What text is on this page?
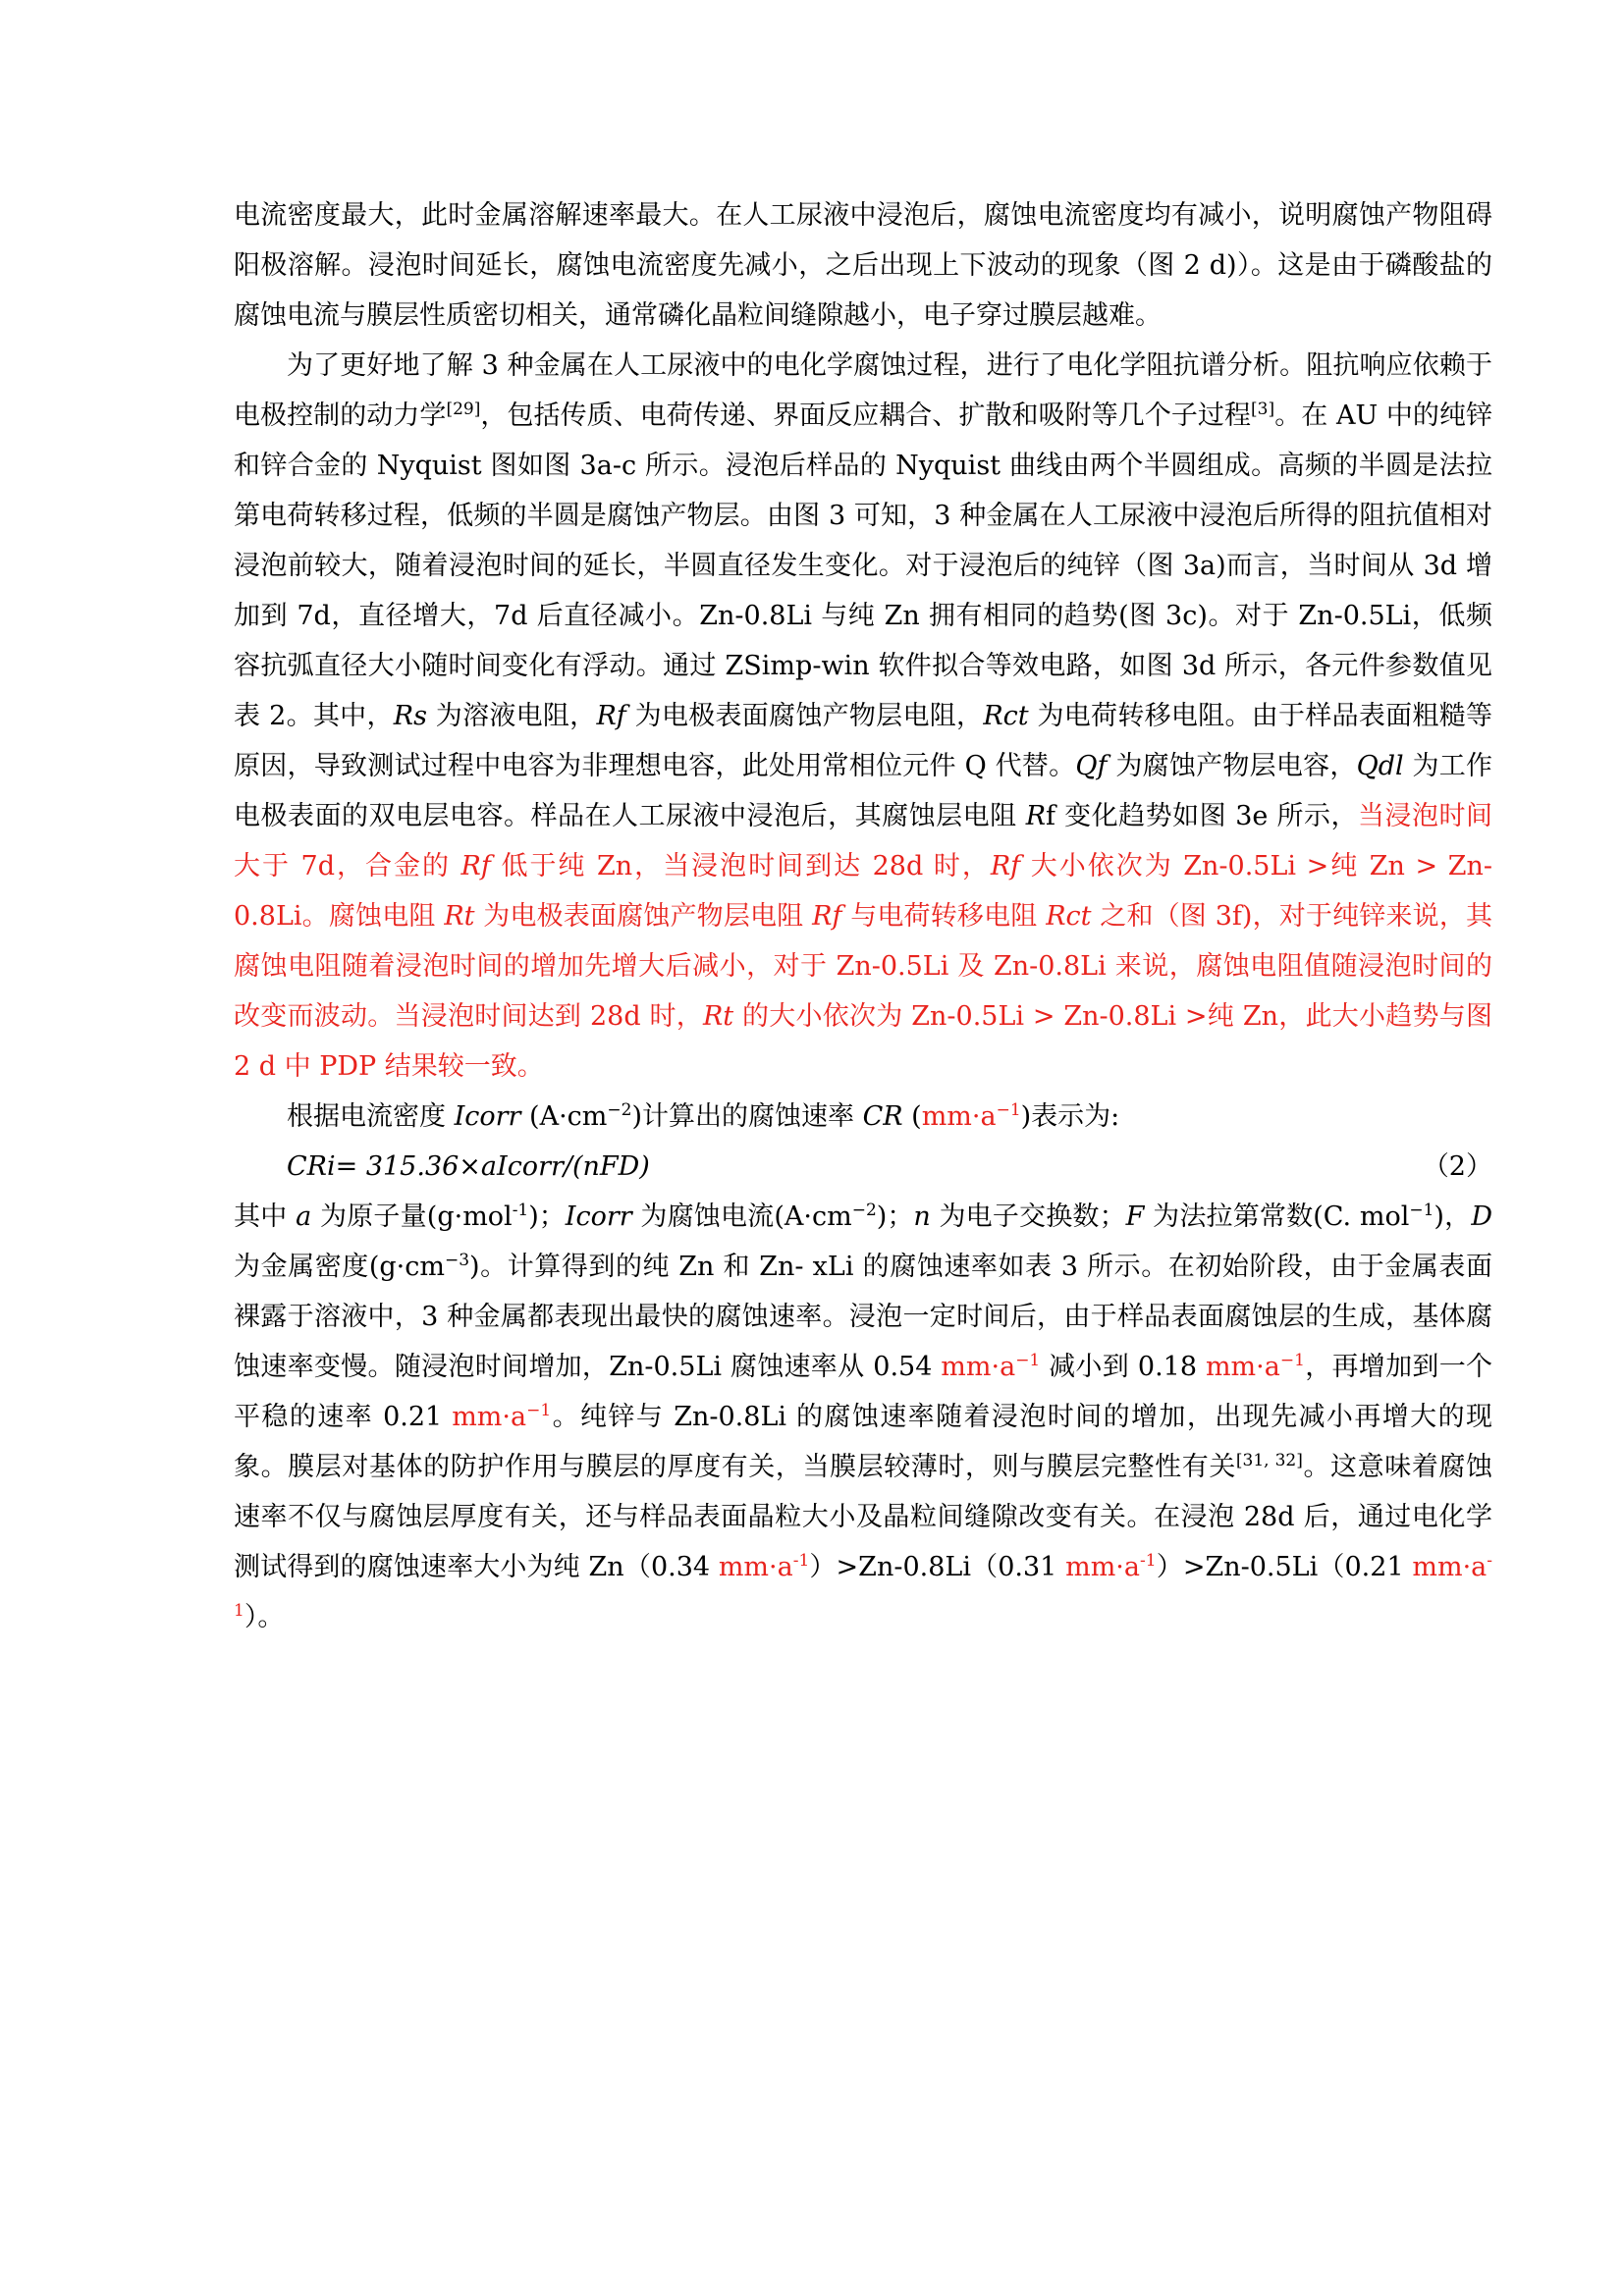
电流密度最大，此时金属溶解速率最大。在人工尿液中浸泡后，腐蚀电流密度均有减小，说明腐蚀产物阻碍阳极溶解。浸泡时间延长，腐蚀电流密度先减小，之后出现上下波动的现象（图 2 d)）。这是由于磷酸盐的腐蚀电流与膜层性质密切相关，通常磷化晶粒间缝隙越小，电子穿过膜层越难。

为了更好地了解 3 种金属在人工尿液中的电化学腐蚀过程，进行了电化学阻抗谱分析。阻抗响应依赖于电极控制的动力学[29]，包括传质、电荷传递、界面反应耦合、扩散和吸附等几个子过程[3]。在 AU 中的纯锌和锌合金的 Nyquist 图如图 3a-c 所示。浸泡后样品的 Nyquist 曲线由两个半圆组成。高频的半圆是法拉第电荷转移过程，低频的半圆是腐蚀产物层。由图 3 可知，3 种金属在人工尿液中浸泡后所得的阻抗值相对浸泡前较大，随着浸泡时间的延长，半圆直径发生变化。对于浸泡后的纯锌（图 3a)而言，当时间从 3d 增加到 7d，直径增大，7d 后直径减小。Zn-0.8Li 与纯 Zn 拥有相同的趋势(图 3c)。对于 Zn-0.5Li，低频容抗弧直径大小随时间变化有浮动。通过 ZSimp-win 软件拟合等效电路，如图 3d 所示，各元件参数值见表 2。其中，Rs 为溶液电阻，Rf 为电极表面腐蚀产物层电阻，Rct 为电荷转移电阻。由于样品表面粗糙等原因，导致测试过程中电容为非理想电容，此处用常相位元件 Q 代替。Qf 为腐蚀产物层电容，Qdl 为工作电极表面的双电层电容。样品在人工尿液中浸泡后，其腐蚀层电阻 Rf 变化趋势如图 3e 所示，当浸泡时间大于 7d，合金的 Rf 低于纯 Zn，当浸泡时间到达 28d 时，Rf 大小依次为 Zn-0.5Li >纯 Zn > Zn-0.8Li。腐蚀电阻 Rt 为电极表面腐蚀产物层电阻 Rf 与电荷转移电阻 Rct 之和（图 3f)，对于纯锌来说，其腐蚀电阻随着浸泡时间的增加先增大后减小，对于 Zn-0.5Li 及 Zn-0.8Li 来说，腐蚀电阻值随浸泡时间的改变而波动。当浸泡时间达到 28d 时，Rt 的大小依次为 Zn-0.5Li > Zn-0.8Li >纯 Zn，此大小趋势与图 2 d 中 PDP 结果较一致。

根据电流密度 Icorr $(A\cdot cm^{-2})$计算出的腐蚀速率 CR $(mm\cdot a^{-1})$表示为:

CRi= 315.36×aIcorr/(nFD)	（2）

其中 a 为原子量(g·mol$^{-1}$)；Icorr 为腐蚀电流$(A\cdot cm^{-2})$；n 为电子交换数；F 为法拉第常数(C. mol$^{-1}$)，D 为金属密度$(g\cdot cm^{-3})$。计算得到的纯 Zn 和 Zn- xLi 的腐蚀速率如表 3 所示。在初始阶段，由于金属表面裸露于溶液中，3 种金属都表现出最快的腐蚀速率。浸泡一定时间后，由于样品表面腐蚀层的生成，基体腐蚀速率变慢。随浸泡时间增加，Zn-0.5Li 腐蚀速率从 0.54 $mm\cdot a^{-1}$ 减小到 0.18 $mm\cdot a^{-1}$，再增加到一个平稳的速率 0.21 $mm\cdot a^{-1}$。纯锌与 Zn-0.8Li 的腐蚀速率随着浸泡时间的增加，出现先减小再增大的现象。膜层对基体的防护作用与膜层的厚度有关，当膜层较薄时，则与膜层完整性有关[31, 32]。这意味着腐蚀速率不仅与腐蚀层厚度有关，还与样品表面晶粒大小及晶粒间缝隙改变有关。在浸泡 28d 后，通过电化学测试得到的腐蚀速率大小为纯 Zn（0.34 $mm\cdot a^{-1})>Zn-0.8Li(0.31$ $mm\cdot a^{-1})>Zn-0.5Li(0.21$ $mm\cdot a^{-1}$）。
